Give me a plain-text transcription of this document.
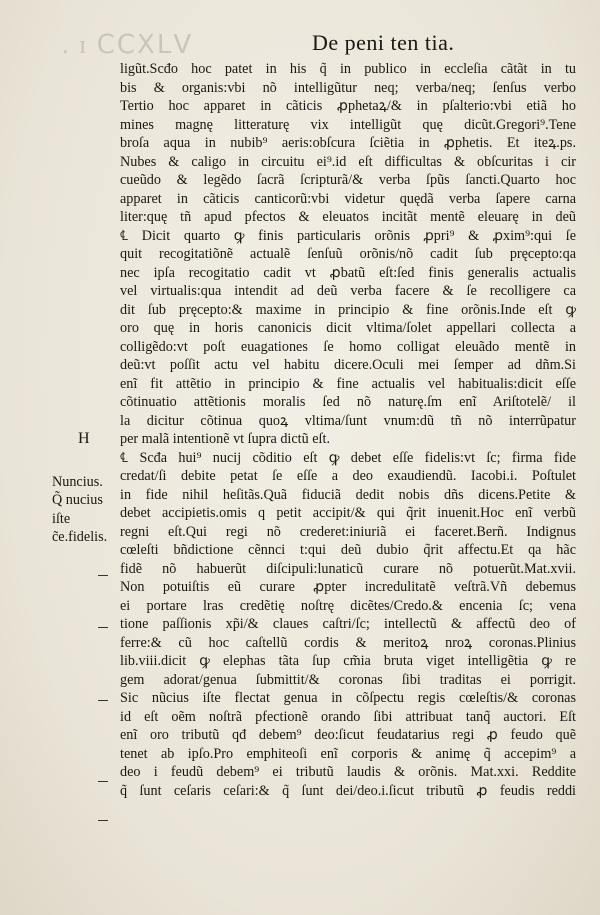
. ɪ ⅭⅭⅩⅬⅤ	De peni ten tia.
H
Nuncius.
Q̃ nucius
iſte
c̃e.fidelis.
ligũt.Scđo hoc patet in his q̃ in publico in eccleſia cãtãt in tu
bis & organis:vbi nõ intelligũtur neq; verba/neq; ſenſus verbo
Tertio hoc apparet in cãticis ꝓphetaꝝ/& in pſalterio:vbi etiã ho
mines magnę litteraturę vix intelligũt quę dicũt.Gregori⁹.Tene
broſa aqua in nubib⁹ aeris:obſcura ſciẽtia in ꝓphetis. Et iteꝝ.ps.
Nubes & caligo in circuitu ei⁹.id eſt difficultas & obſcuritas i cir
cueũdo & legẽdo ſacrã ſcripturã/& verba ſpũs ſancti.Quarto hoc
apparet in cãticis canticorũ:vbi videtur quędã verba ſapere carna
liter:quę tñ apud pfectos & eleuatos incitãt mentẽ eleuarę in deũ
℄ Dicit quarto ꝙ finis particularis orõnis ꝓpri⁹ & ꝓxim⁹:qui ſe
quit recogitatiõnẽ actualẽ ſenſuũ orõnis/nõ cadit ſub pręcepto:qa
nec ipſa recogitatio cadit vt ꝓbatũ eſt:ſed finis generalis actualis
vel virtualis:qua intendit ad deũ verba facere & ſe recolligere ca
dit ſub pręcepto:& maxime in principio & fine orõnis.Inde eſt ꝙ
oro quę in horis canonicis dicit vltima/ſolet appellari collecta a
colligẽdo:vt poſt euagationes ſe homo colligat eleuãdo mentẽ in
deũ:vt poſſit actu vel habitu dicere.Oculi mei ſemper ad dñm.Si
enĩ fit attẽtio in principio & fine actualis vel habitualis:dicit eſſe
cõtinuatio attẽtionis moralis ſed nõ naturę.ſm enĩ Ariſtotelẽ/ il
la dicitur cõtinua quoꝝ vltima/ſunt vnum:dũ tñ nõ interrũpatur
per malã intentionẽ vt ſupra dictũ eſt.
℄ Scđa hui⁹ nucij cõditio eſt ꝙ debet eſſe fidelis:vt ſc; firma fide
credat/ſi debite petat ſe eſſe a deo exaudiendũ. Iacobi.i. Poſtulet
in fide nihil heſitãs.Quã fiduciã dedit nobis dñs dicens.Petite &
debet accipietis.omis q petit accipit/& qui q̃rit inuenit.Hoc enĩ verbũ
regni eſt.Qui regi nõ crederet:iniuriã ei faceret.Berñ. Indignus
cœleſti bñdictione cẽnnci t:qui deũ dubio q̃rit affectu.Et qa hãc
fidẽ nõ habuerũt diſcipuli:lunaticũ curare nõ potuerũt.Mat.xvii.
Non potuiſtis eũ curare ꝓpter incredulitatẽ veſtrã.Vñ debemus
ei portare lras credẽtię noſtrę dicẽtes/Credo.& encenia ſc; vena
tione paſſionis xp̃i/& claues caſtri/ſc; intellectũ & affectũ deo of
ferre:& cũ hoc caſtellũ cordis & meritoꝝ nroꝝ coronas.Plinius
lib.viii.dicit ꝙ elephas tãta ſup cm̃ia bruta viget intelligẽtia ꝙ re
gem adorat/genua ſubmittit/& coronas ſibi traditas ei porrigit.
Sic nũcius iſte flectat genua in cõſpectu regis cœleſtis/& coronas
id eſt oẽm noſtrã pfectionẽ orando ſibi attribuat tanq̃ auctori. Eſt
enĩ oro tributũ qđ debem⁹ deo:ſicut feudatarius regi ꝓ feudo quẽ
tenet ab ipſo.Pro emphiteoſi enĩ corporis & animę q̃ accepim⁹ a
deo i feudũ debem⁹ ei tributũ laudis & orõnis. Mat.xxi. Reddite
q̃ ſunt ceſaris ceſari:& q̃ ſunt dei/deo.i.ſicut tributũ ꝓ feudis reddi
